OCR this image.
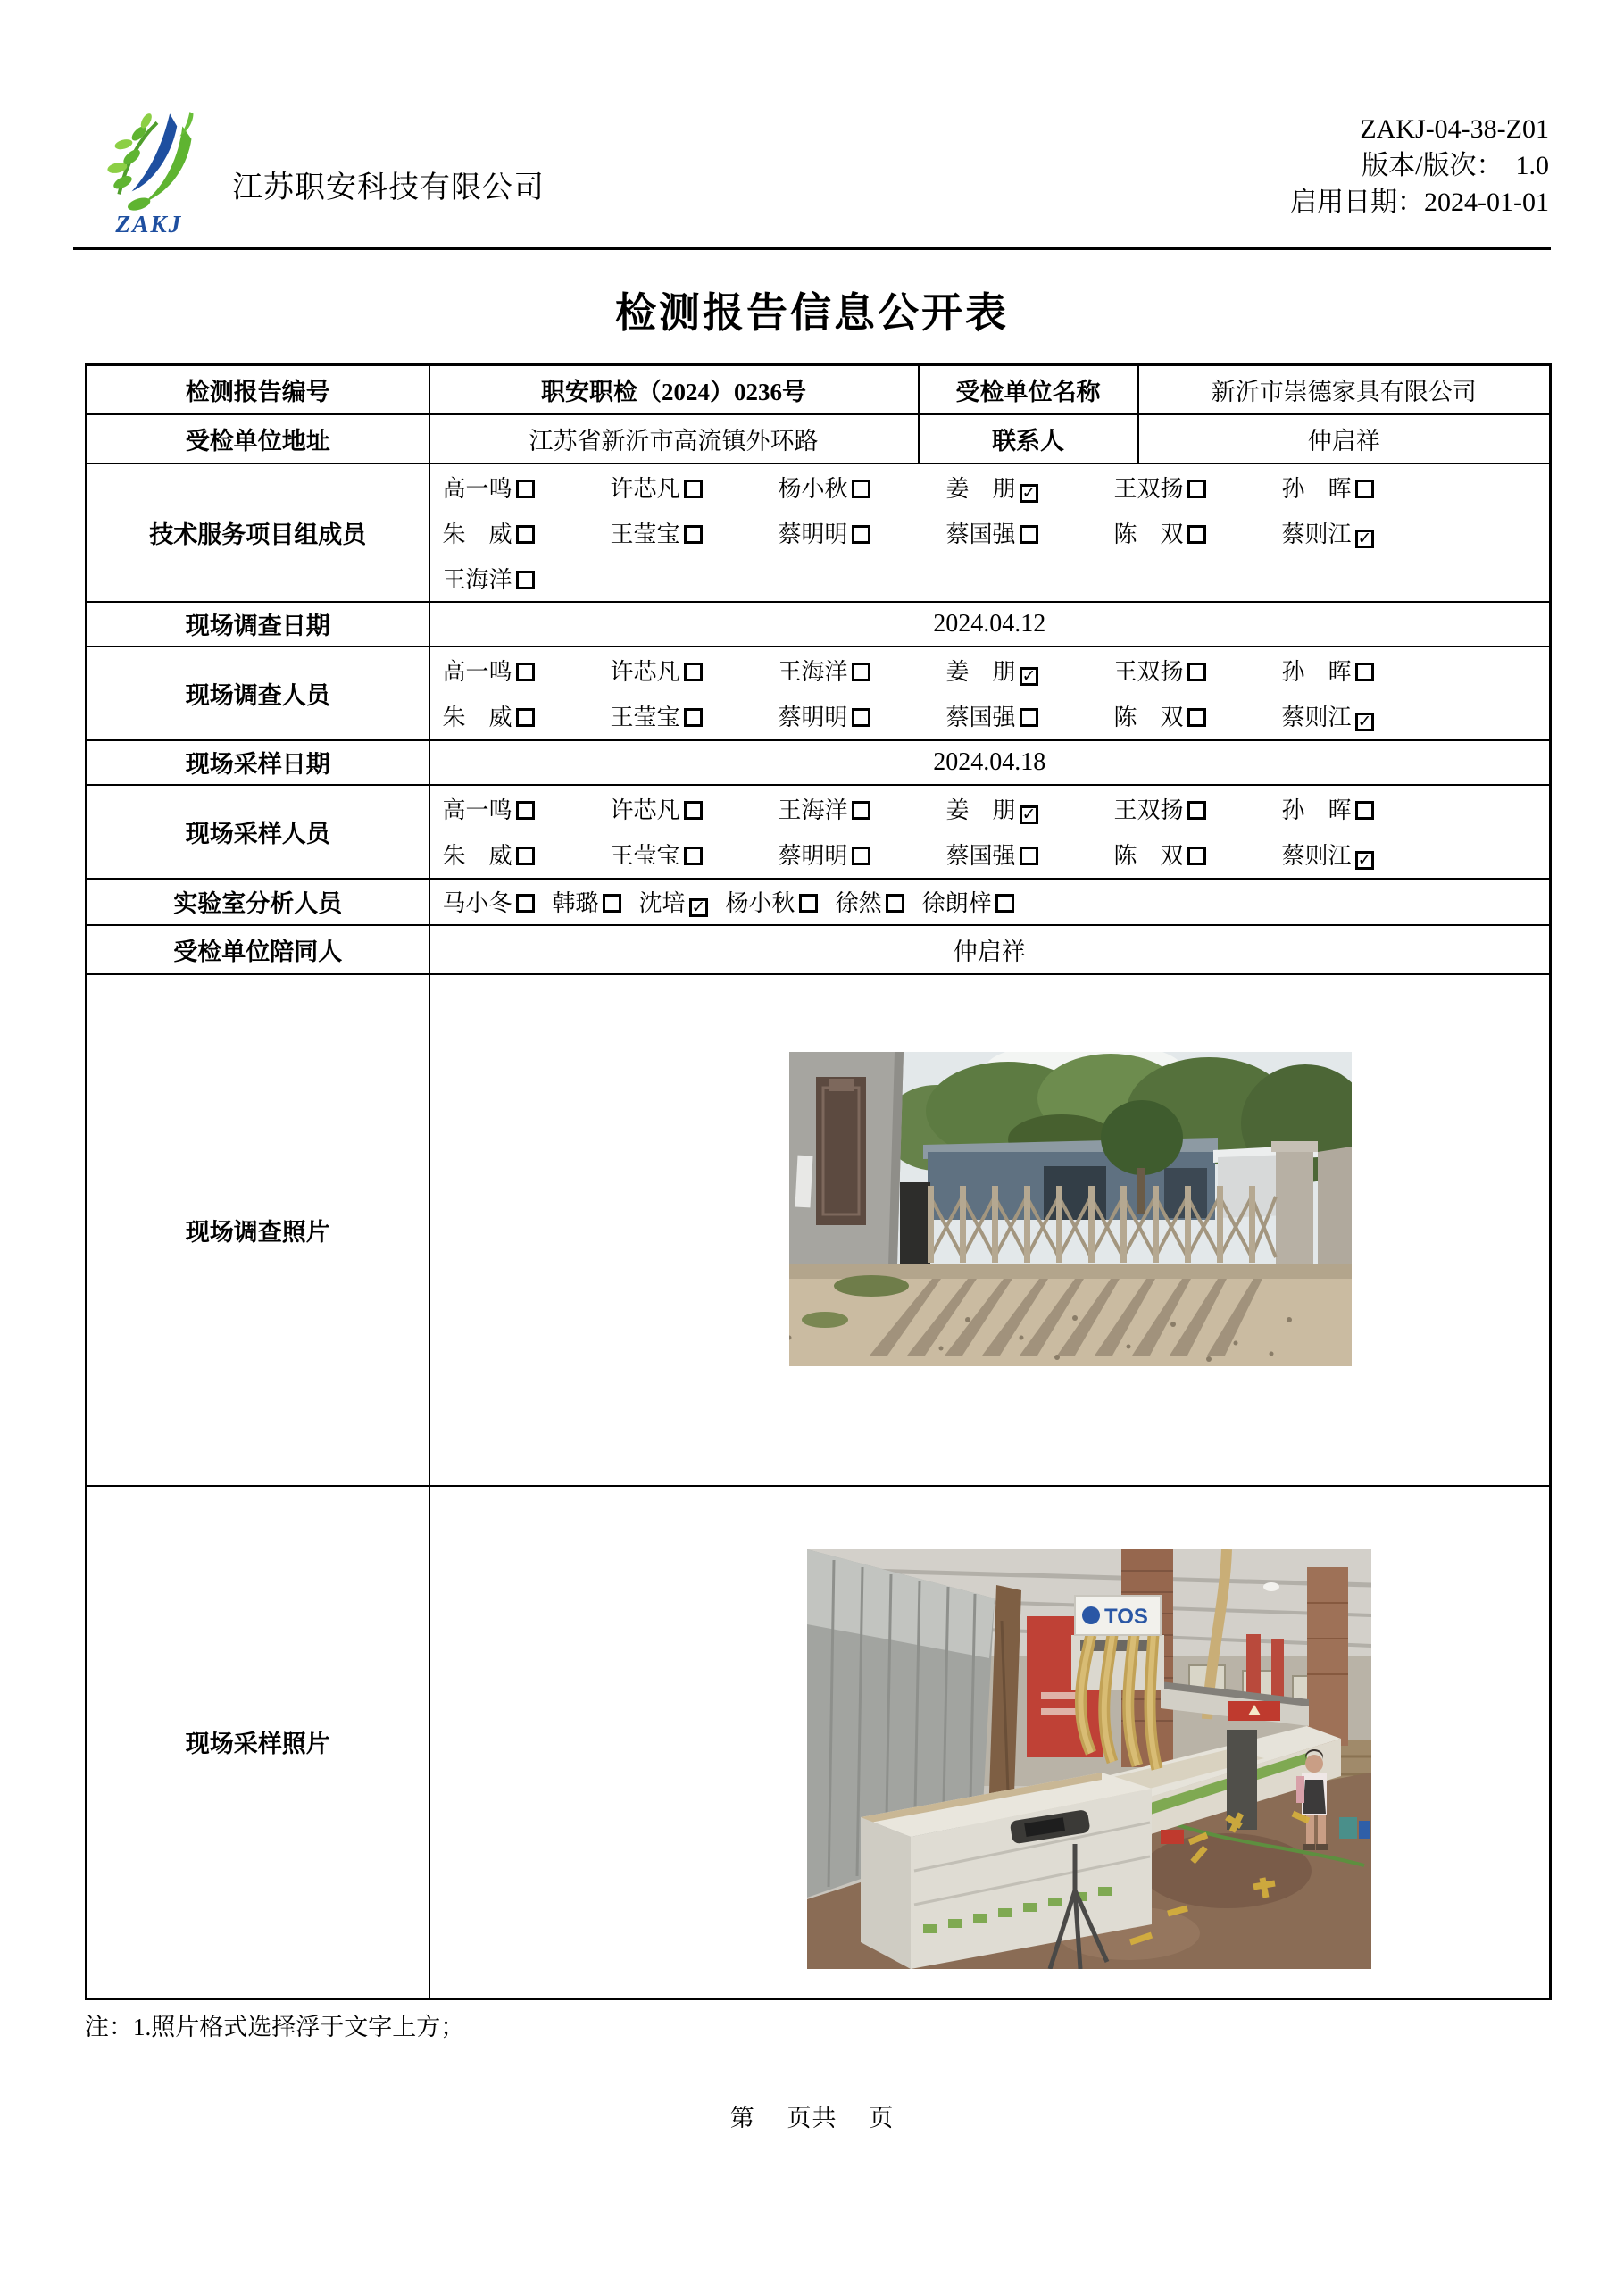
ZAKJ
江苏职安科技有限公司
ZAKJ-04-38-Z01
版本/版次： 1.0
启用日期：2024-01-01
检测报告信息公开表
检测报告编号	职安职检（2024）0236号	受检单位名称	新沂市崇德家具有限公司
受检单位地址	江苏省新沂市高流镇外环路	联系人	仲启祥
技术服务项目组成员	
高一鸣	许芯凡	杨小秋	姜　朋 ✓	王双扬	孙　晖
朱　威	王莹宝	蔡明明	蔡国强	陈　双	蔡则江 ✓
王海洋

现场调查日期	2024.04.12		
现场调查人员	
高一鸣	许芯凡	王海洋	姜　朋 ✓	王双扬	孙　晖
朱　威	王莹宝	蔡明明	蔡国强	陈　双	蔡则江 ✓

现场采样日期	2024.04.18		
现场采样人员	
高一鸣	许芯凡	王海洋	姜　朋 ✓	王双扬	孙　晖
朱　威	王莹宝	蔡明明	蔡国强	陈　双	蔡则江 ✓

实验室分析人员	马小冬	韩璐	沈培 ✓ 杨小秋	徐然	徐朗梓

受检单位陪同人	仲启祥		
现场调查照片	

现场采样照片	TOS		
注：1.照片格式选择浮于文字上方；
第　 页共　 页
